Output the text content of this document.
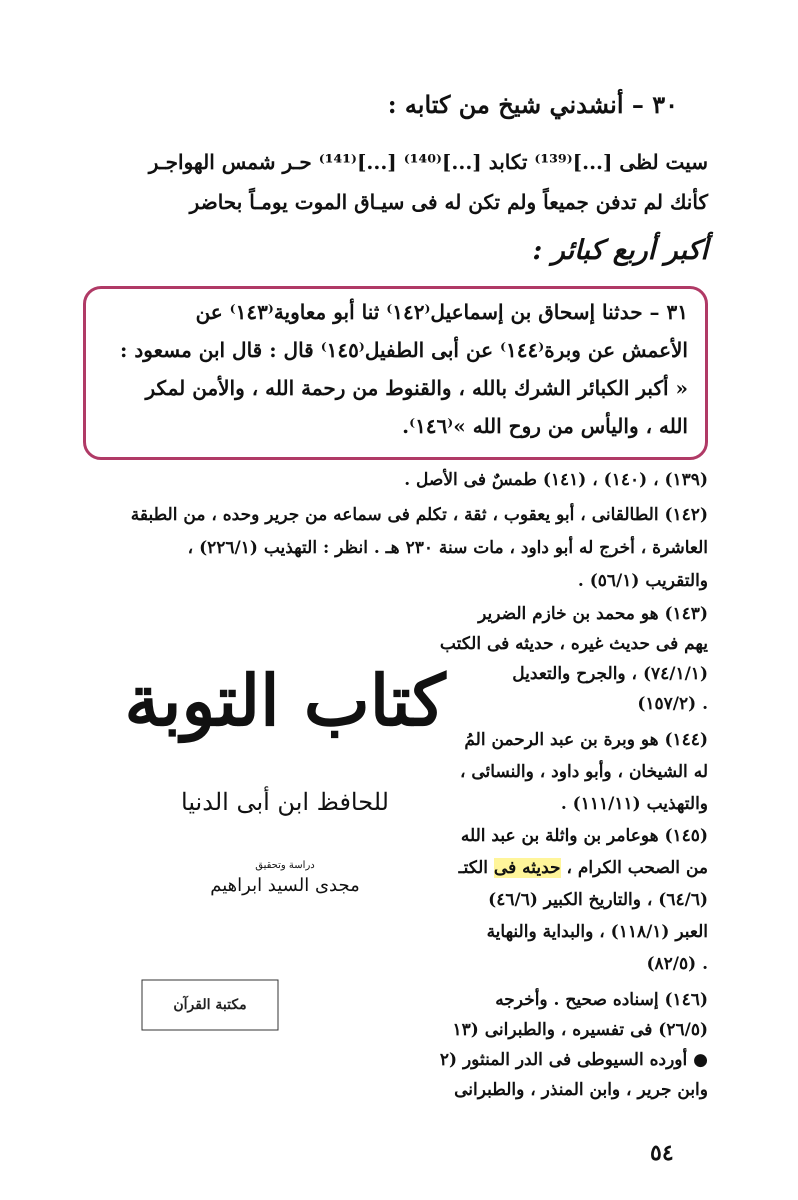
٣٠ – أنشدني شيخ من كتابه :
سيت لظى [...]⁽¹³⁹⁾ تكابد [...]⁽¹⁴⁰⁾ [...]⁽¹⁴¹⁾ حـر شمس الهواجـر
كأنك لم تدفن جميعاً ولم تكن له فى سيـاق الموت يومـاً بحاضر
أكبر أربع كبائر :
٣١ – حدثنا إسحاق بن إسماعيل⁽١٤٢⁾ ثنا أبو معاوية⁽١٤٣⁾ عن
الأعمش عن وبرة⁽١٤٤⁾ عن أبى الطفيل⁽١٤٥⁾ قال : قال ابن مسعود :
« أكبر الكبائر الشرك بالله ، والقنوط من رحمة الله ، والأمن لمكر
الله ، واليأس من روح الله »⁽١٤٦⁾.
(١٣٩) ، (١٤٠) ، (١٤١) طمسٌ فى الأصل .
(١٤٢) الطالقانى ، أبو يعقوب ، ثقة ، تكلم فى سماعه من جرير وحده ، من الطبقة
العاشرة ، أخرج له أبو داود ، مات سنة ٢٣٠ هـ . انظر : التهذيب (٢٢٦/١) ،
والتقريب (٥٦/١) .
(١٤٣) هو محمد بن خازم الضرير
يهم فى حديث غيره ، حديثه فى الكتب
(٧٤/١/١) ، والجرح والتعديل
(١٥٧/٢) .
(١٤٤) هو وبرة بن عبد الرحمن المُ
له الشيخان ، وأبو داود ، والنسائى ،
والتهذيب (١١١/١١) .
(١٤٥) هوعامر بن واثلة بن عبد الله
من الصحب الكرام ، حديثه فى الكتـ
(٦٤/٦) ، والتاريخ الكبير (٤٦/٦)
العبر (١١٨/١) ، والبداية والنهاية
(٨٢/٥) .
(١٤٦) إسناده صحيح . وأخرجه
(٢٦/٥) فى تفسيره ، والطبرانى (١٣
● أورده السيوطى فى الدر المنثور (٢
وابن جرير ، وابن المنذر ، والطبرانى
كتاب التوبة
للحافظ ابن أبى الدنيا
دراسة وتحقيق
مجدى السيد ابراهيم
مكتبة القرآن
٥٤
